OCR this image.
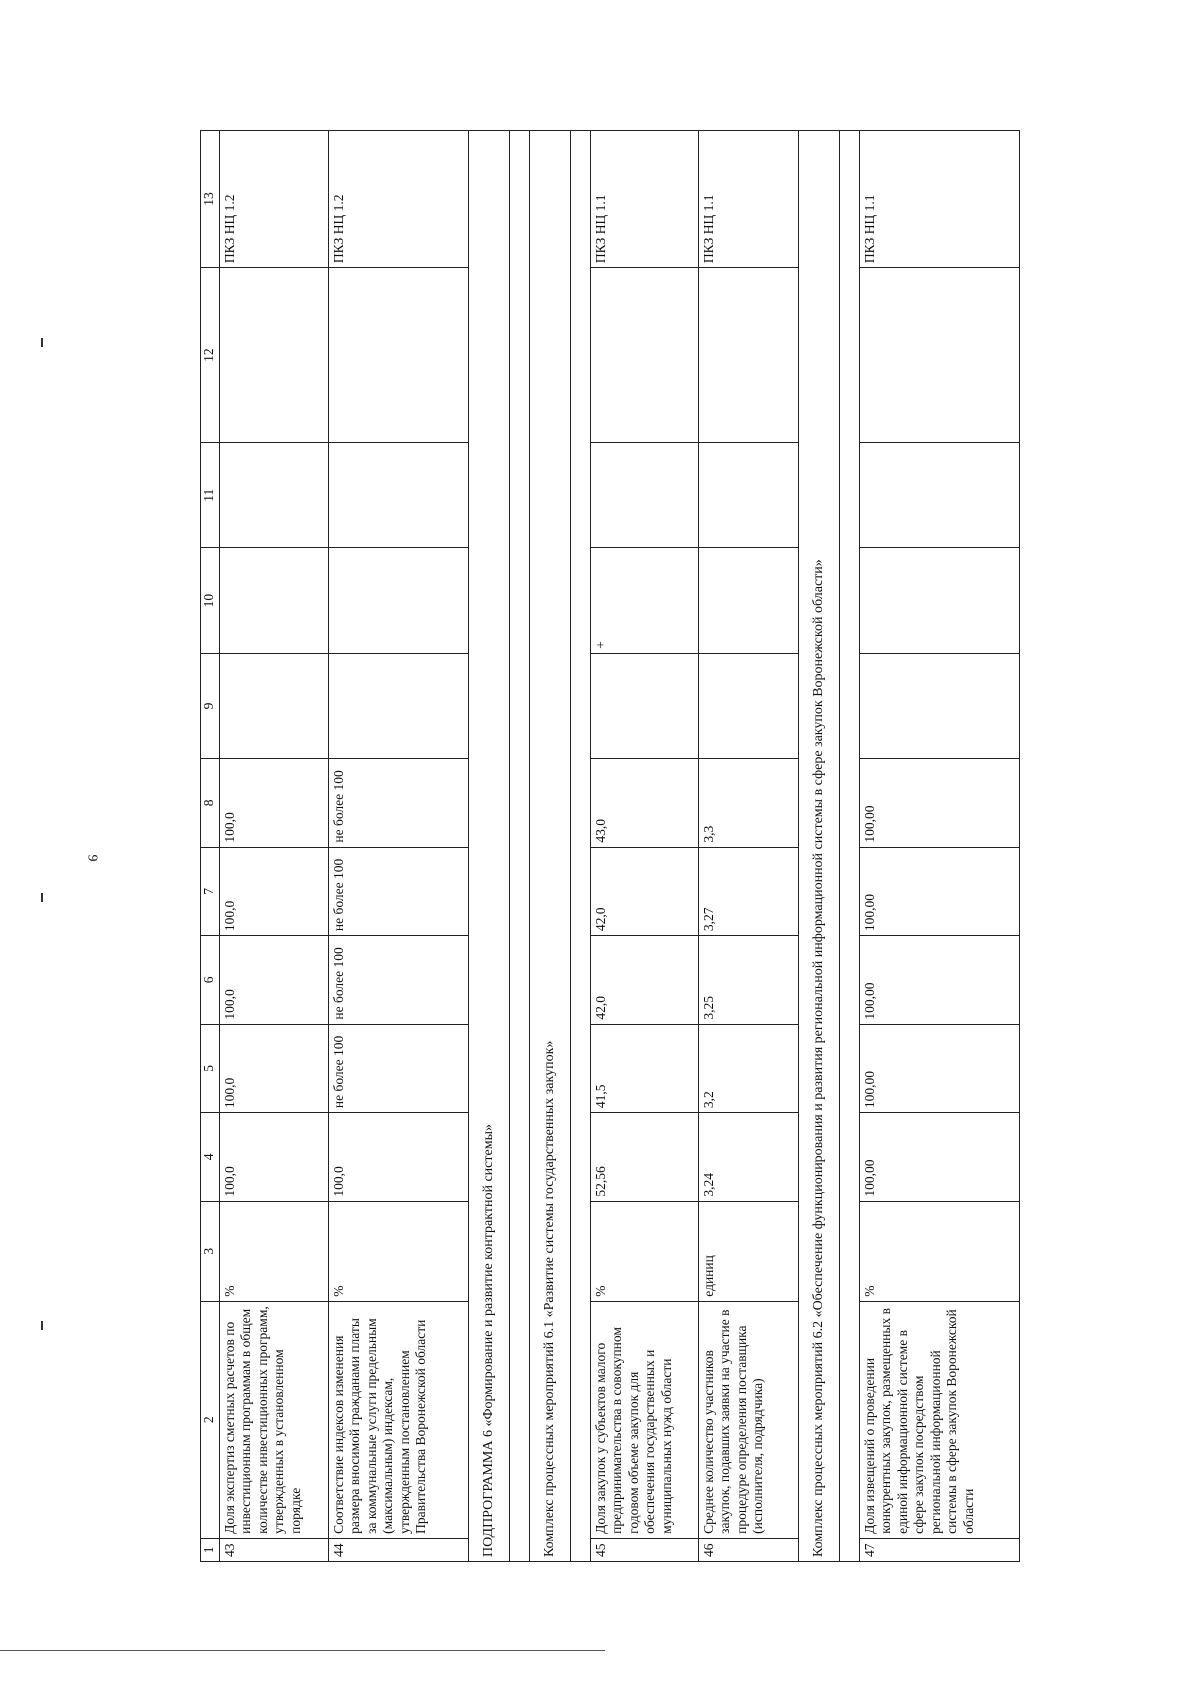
9
1	2	3	4	5	6	7	8	9	10	11	12	13
43	Доля экспертиз сметных расчетов по инвестиционным программам в общем количестве инвестиционных программ, утвержденных в установленном порядке	%	100,0	100,0	100,0	100,0	100,0					ПКЗ НЦ 1.2
44	Соответствие индексов изменения размера вносимой гражданами платы за коммунальные услуги предельным (максимальным) индексам, утвержденным постановлением Правительства Воронежской области	%	100,0	не более 100	не более 100	не более 100	не более 100					ПКЗ НЦ 1.2
ПОДПРОГРАММА 6 «Формирование и развитие контрактной системы»												

Комплекс процессных мероприятий 6.1 «Развитие системы государственных закупок»												

45	Доля закупок у субъектов малого предпринимательства в совокупном годовом объеме закупок для обеспечения государственных и муниципальных нужд области	%	52,56	41,5	42,0	42,0	43,0		+			ПКЗ НЦ 1.1
46	Среднее количество участников закупок, подавших заявки на участие в процедуре определения поставщика (исполнителя, подрядчика)	единиц	3,24	3,2	3,25	3,27	3,3					ПКЗ НЦ 1.1
Комплекс процессных мероприятий 6.2 «Обеспечение функционирования и развития региональной информационной системы в сфере закупок Воронежской области»												

47	Доля извещений о проведении конкурентных закупок, размещенных в единой информационной системе в сфере закупок посредством региональной информационной системы в сфере закупок Воронежской области	%	100,00	100,00	100,00	100,00	100,00					ПКЗ НЦ 1.1
